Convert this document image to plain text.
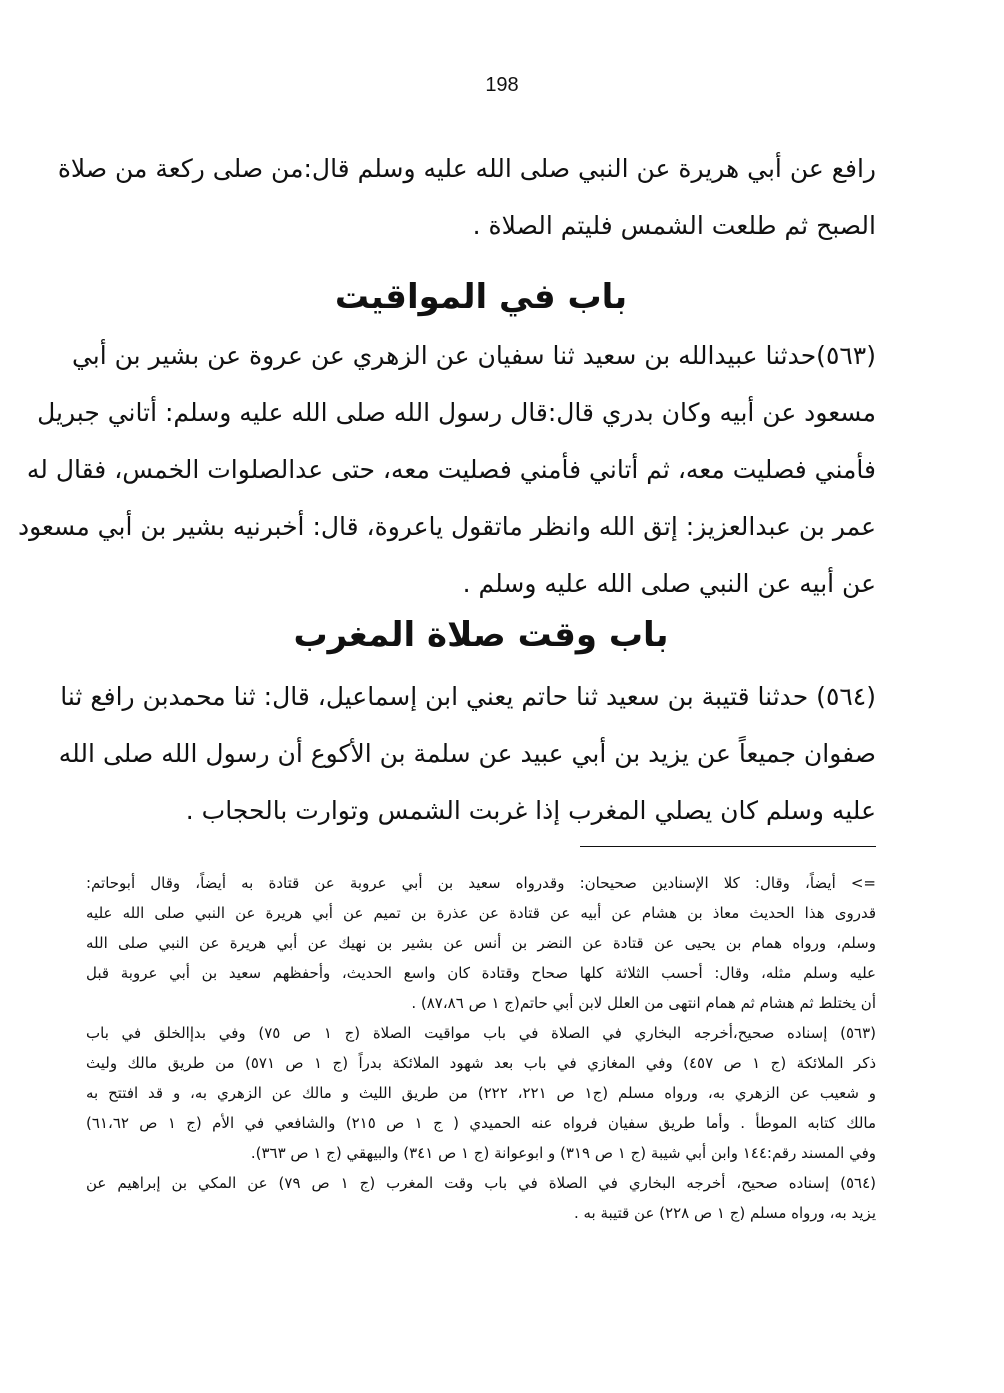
198
رافع عن أبي هريرة عن النبي صلى الله عليه وسلم قال:من صلى ركعة من صلاة
الصبح ثم طلعت الشمس فليتم الصلاة .
باب في المواقيت
(٥٦٣)حدثنا عبيدالله بن سعيد ثنا سفيان عن الزهري عن عروة عن بشير بن أبي
مسعود عن أبيه وكان بدري قال:قال رسول الله صلى الله عليه وسلم: أتاني جبريل
فأمني فصليت معه، ثم أتاني فأمني فصليت معه، حتى عدالصلوات الخمس، فقال له
عمر بن عبدالعزيز: إتق الله وانظر ماتقول ياعروة، قال: أخبرنيه بشير بن أبي مسعود
عن أبيه عن النبي صلى الله عليه وسلم .
باب وقت صلاة المغرب
(٥٦٤) حدثنا قتيبة بن سعيد ثنا حاتم يعني ابن إسماعيل، قال: ثنا محمدبن رافع ثنا
صفوان جميعاً عن يزيد بن أبي عبيد عن سلمة بن الأكوع أن رسول الله صلى الله
عليه وسلم كان يصلي المغرب إذا غربت الشمس وتوارت بالحجاب .
=> أيضاً، وقال: كلا الإسنادين صحيحان: وقدرواه سعيد بن أبي عروبة عن قتادة به أيضاً، وقال أبوحاتم:
قدروى هذا الحديث معاذ بن هشام عن أبيه عن قتادة عن عذرة بن تميم عن أبي هريرة عن النبي صلى الله عليه
وسلم، ورواه همام بن يحيى عن قتادة عن النضر بن أنس عن بشير بن نهيك عن أبي هريرة عن النبي صلى الله
عليه وسلم مثله، وقال: أحسب الثلاثة كلها صحاح وقتادة كان واسع الحديث، وأحفظهم سعيد بن أبي عروبة قبل
أن يختلط ثم هشام ثم همام انتهى من العلل لابن أبي حاتم(ج ١ ص ٨٧،٨٦) .
(٥٦٣) إسناده صحيح،أخرجه البخاري في الصلاة في باب مواقيت الصلاة (ج ١ ص ٧٥) وفي بدإالخلق في باب
ذكر الملائكة (ج ١ ص ٤٥٧) وفي المغازي في باب بعد شهود الملائكة بدراً (ج ١ ص ٥٧١) من طريق مالك وليث
و شعيب عن الزهري به، ورواه مسلم (ج١ ص ٢٢١، ٢٢٢) من طريق الليث و مالك عن الزهري به، و قد افتتح به
مالك كتابه الموطأ . وأما طريق سفيان فرواه عنه الحميدي ( ج ١ ص ٢١٥) والشافعي في الأم (ج ١ ص ٦١،٦٢)
وفي المسند رقم:١٤٤ وابن أبي شيبة (ج ١ ص ٣١٩) و ابوعوانة (ج ١ ص ٣٤١) والبيهقي (ج ١ ص ٣٦٣).
(٥٦٤) إسناده صحيح، أخرجه البخاري في الصلاة في باب وقت المغرب (ج ١ ص ٧٩) عن المكي بن إبراهيم عن
يزيد به، ورواه مسلم (ج ١ ص ٢٢٨) عن قتيبة به .
